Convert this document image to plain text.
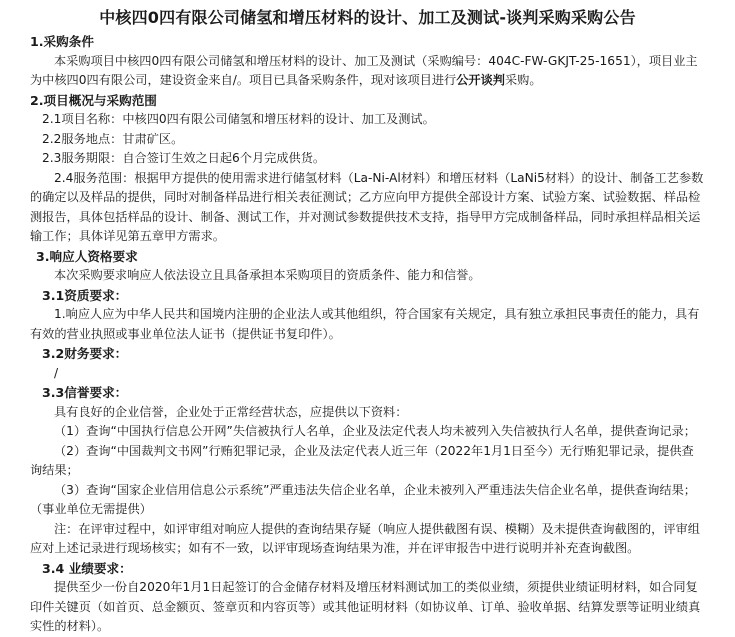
中核四0四有限公司储氢和增压材料的设计、加工及测试-谈判采购采购公告
1.采购条件

本采购项目中核四0四有限公司储氢和增压材料的设计、加工及测试（采购编号：404C-FW-GKJT-25-1651），项目业主为中核四0四有限公司，建设资金来自/。项目已具备采购条件，现对该项目进行公开谈判采购。

2.项目概况与采购范围

2.1项目名称：中核四0四有限公司储氢和增压材料的设计、加工及测试。

2.2服务地点：甘肃矿区。

2.3服务期限：自合签订生效之日起6个月完成供货。

2.4服务范围：根据甲方提供的使用需求进行储氢材料（La-Ni-Al材料）和增压材料（LaNi5材料）的设计、制备工艺参数的确定以及样品的提供，同时对制备样品进行相关表征测试；乙方应向甲方提供全部设计方案、试验方案、试验数据、样品检测报告，具体包括样品的设计、制备、测试工作，并对测试参数提供技术支持，指导甲方完成制备样品，同时承担样品相关运输工作；具体详见第五章甲方需求。

3.响应人资格要求

本次采购要求响应人依法设立且具备承担本采购项目的资质条件、能力和信誉。

3.1资质要求：

1.响应人应为中华人民共和国境内注册的企业法人或其他组织，符合国家有关规定，具有独立承担民事责任的能力，具有有效的营业执照或事业单位法人证书（提供证书复印件）。

3.2财务要求：

/

3.3信誉要求：

具有良好的企业信誉，企业处于正常经营状态，应提供以下资料：

（1）查询“中国执行信息公开网”失信被执行人名单，企业及法定代表人均未被列入失信被执行人名单，提供查询记录；

（2）查询“中国裁判文书网”行贿犯罪记录，企业及法定代表人近三年（2022年1月1日至今）无行贿犯罪记录，提供查询结果；

（3）查询“国家企业信用信息公示系统”严重违法失信企业名单，企业未被列入严重违法失信企业名单，提供查询结果；（事业单位无需提供）

注：在评审过程中，如评审组对响应人提供的查询结果存疑（响应人提供截图有误、模糊）及未提供查询截图的，评审组应对上述记录进行现场核实；如有不一致，以评审现场查询结果为准，并在评审报告中进行说明并补充查询截图。

3.4 业绩要求：

提供至少一份自2020年1月1日起签订的合金储存材料及增压材料测试加工的类似业绩，须提供业绩证明材料，如合同复印件关键页（如首页、总金额页、签章页和内容页等）或其他证明材料（如协议单、订单、验收单据、结算发票等证明业绩真实性的材料）。
